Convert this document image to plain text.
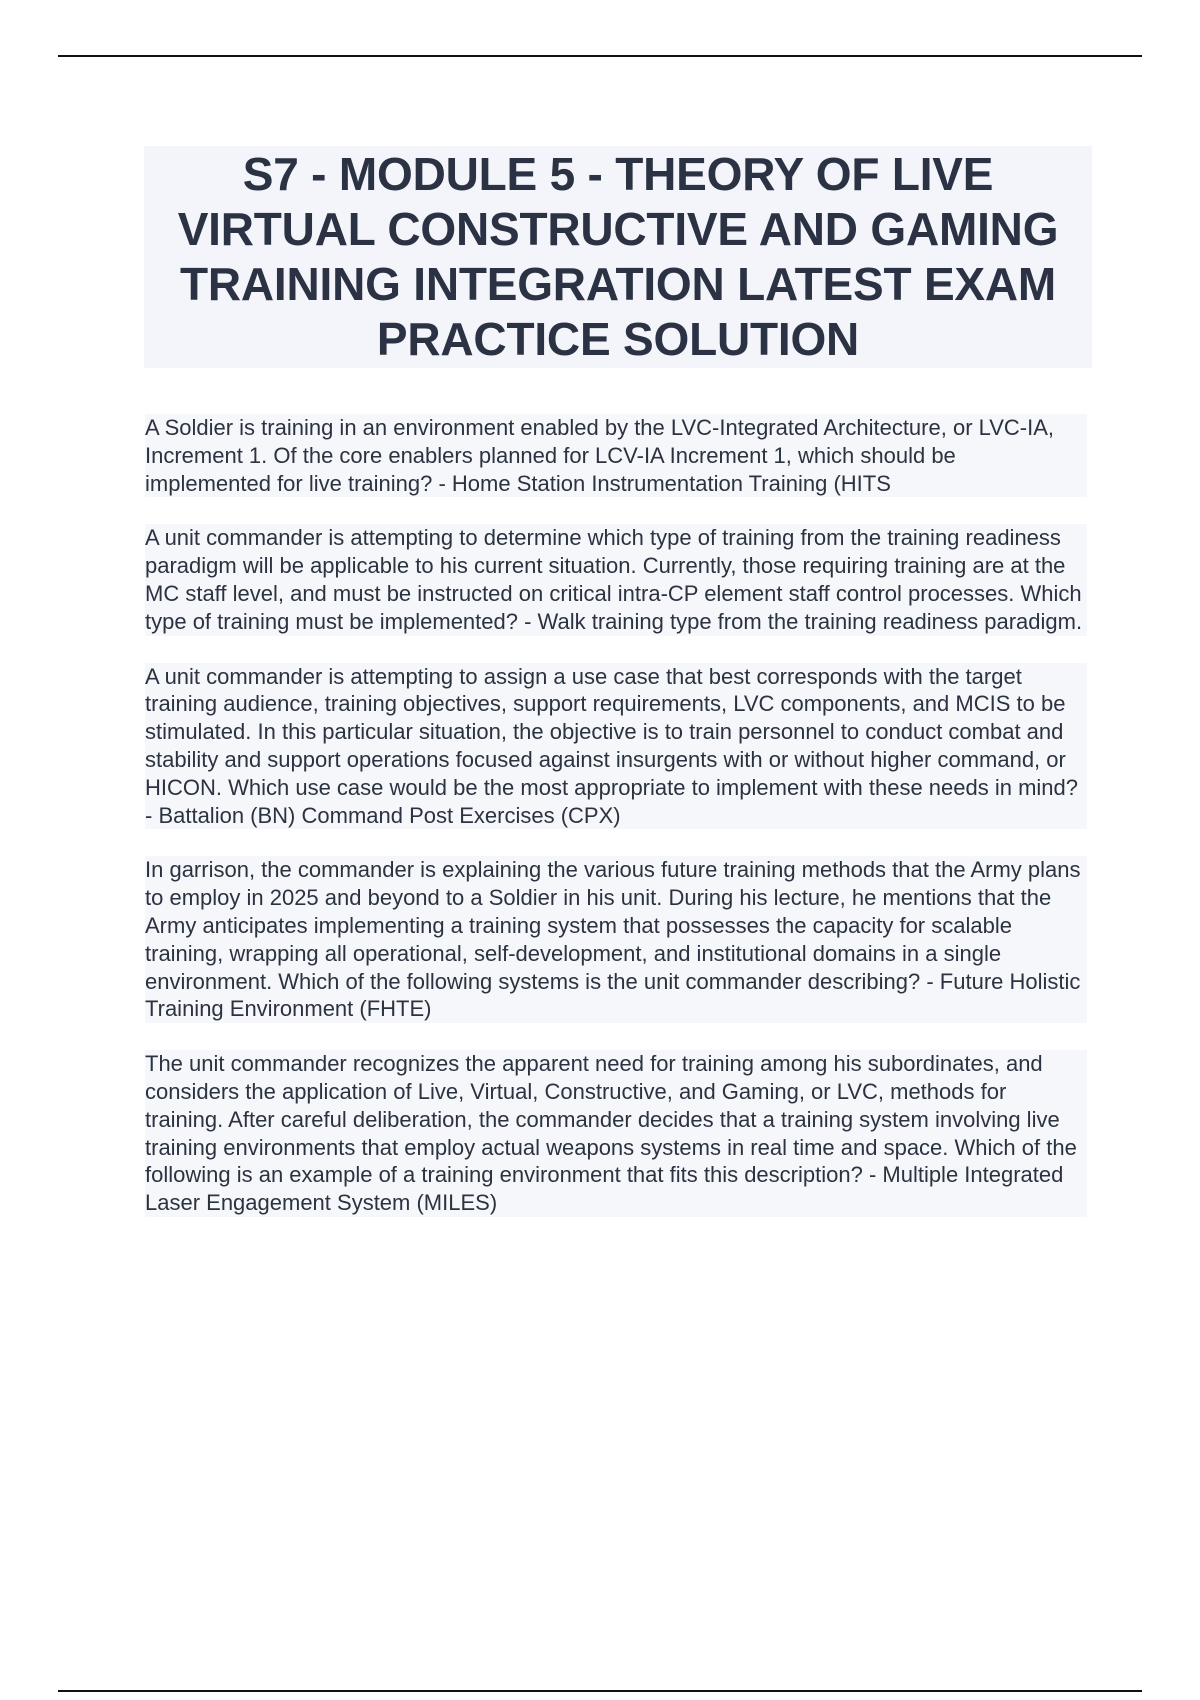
S7 - MODULE 5 - THEORY OF LIVE VIRTUAL CONSTRUCTIVE AND GAMING TRAINING INTEGRATION LATEST EXAM PRACTICE SOLUTION

A Soldier is training in an environment enabled by the LVC-Integrated Architecture, or LVC-IA, Increment 1. Of the core enablers planned for LCV-IA Increment 1, which should be implemented for live training? - Home Station Instrumentation Training (HITS

A unit commander is attempting to determine which type of training from the training readiness paradigm will be applicable to his current situation. Currently, those requiring training are at the MC staff level, and must be instructed on critical intra-CP element staff control processes. Which type of training must be implemented? - Walk training type from the training readiness paradigm.

A unit commander is attempting to assign a use case that best corresponds with the target training audience, training objectives, support requirements, LVC components, and MCIS to be stimulated. In this particular situation, the objective is to train personnel to conduct combat and stability and support operations focused against insurgents with or without higher command, or HICON. Which use case would be the most appropriate to implement with these needs in mind? - Battalion (BN) Command Post Exercises (CPX)

In garrison, the commander is explaining the various future training methods that the Army plans to employ in 2025 and beyond to a Soldier in his unit. During his lecture, he mentions that the Army anticipates implementing a training system that possesses the capacity for scalable training, wrapping all operational, self-development, and institutional domains in a single environment. Which of the following systems is the unit commander describing? - Future Holistic Training Environment (FHTE)

The unit commander recognizes the apparent need for training among his subordinates, and considers the application of Live, Virtual, Constructive, and Gaming, or LVC, methods for training. After careful deliberation, the commander decides that a training system involving live training environments that employ actual weapons systems in real time and space. Which of the following is an example of a training environment that fits this description? - Multiple Integrated Laser Engagement System (MILES)
